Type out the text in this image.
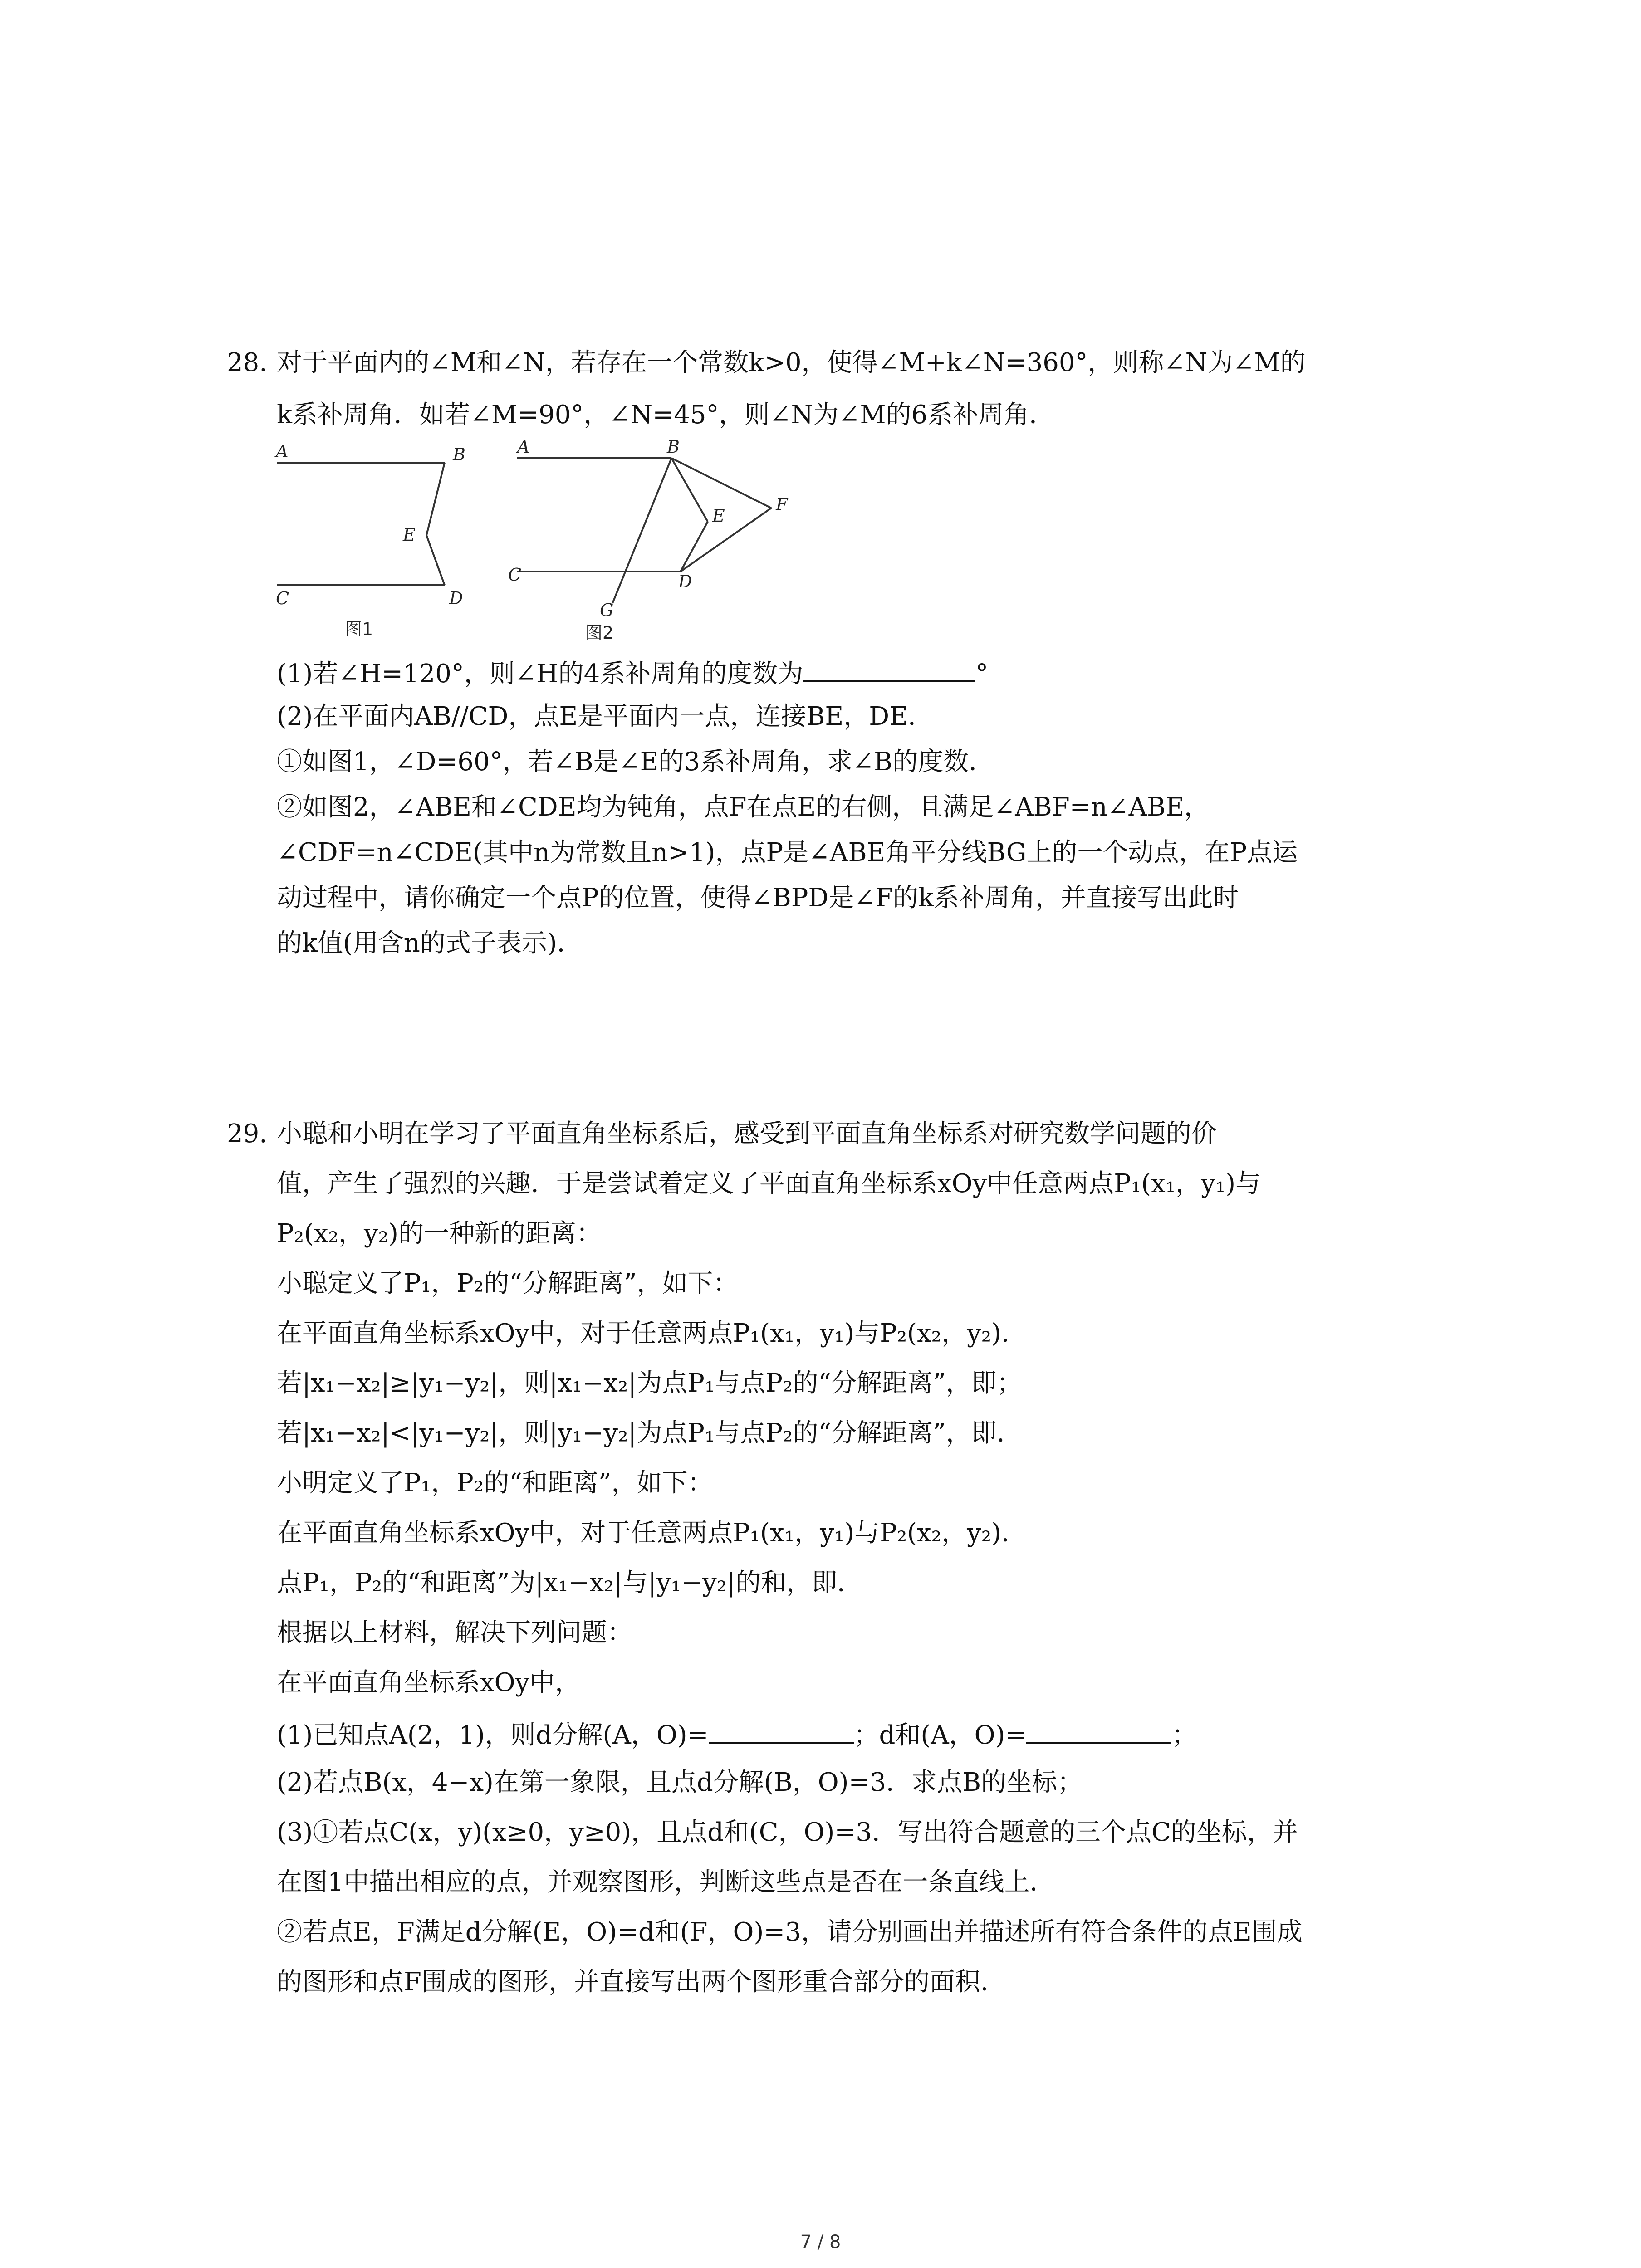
28. 对于平面内的∠M和∠N，若存在一个常数k>0，使得∠M+k∠N=360°，则称∠N为∠M的
k系补周角．如若∠M=90°，∠N=45°，则∠N为∠M的6系补周角．
A	B
E
C	D
图1
A	B
E
F
C	D
G
图2
(1)若∠H=120°，则∠H的4系补周角的度数为	°
(2)在平面内AB//CD，点E是平面内一点，连接BE，DE．
①如图1，∠D=60°，若∠B是∠E的3系补周角，求∠B的度数．
②如图2，∠ABE和∠CDE均为钝角，点F在点E的右侧，且满足∠ABF=n∠ABE，
∠CDF=n∠CDE(其中n为常数且n>1)，点P是∠ABE角平分线BG上的一个动点，在P点运
动过程中，请你确定一个点P的位置，使得∠BPD是∠F的k系补周角，并直接写出此时
的k值(用含n的式子表示)．
29. 小聪和小明在学习了平面直角坐标系后，感受到平面直角坐标系对研究数学问题的价
值，产生了强烈的兴趣．于是尝试着定义了平面直角坐标系xOy中任意两点P₁(x₁，y₁)与
P₂(x₂，y₂)的一种新的距离：
小聪定义了P₁，P₂的“分解距离”，如下：
在平面直角坐标系xOy中，对于任意两点P₁(x₁，y₁)与P₂(x₂，y₂)．
若|x₁−x₂|≥|y₁−y₂|，则|x₁−x₂|为点P₁与点P₂的“分解距离”，即；
若|x₁−x₂|<|y₁−y₂|，则|y₁−y₂|为点P₁与点P₂的“分解距离”，即．
小明定义了P₁，P₂的“和距离”，如下：
在平面直角坐标系xOy中，对于任意两点P₁(x₁，y₁)与P₂(x₂，y₂)．
点P₁，P₂的“和距离”为|x₁−x₂|与|y₁−y₂|的和，即．
根据以上材料，解决下列问题：
在平面直角坐标系xOy中，
(1)已知点A(2，1)，则d分解(A，O)=	；d和(A，O)=	；
(2)若点B(x，4−x)在第一象限，且点d分解(B，O)=3．求点B的坐标；
(3)①若点C(x，y)(x≥0，y≥0)，且点d和(C，O)=3．写出符合题意的三个点C的坐标，并
在图1中描出相应的点，并观察图形，判断这些点是否在一条直线上．
②若点E，F满足d分解(E，O)=d和(F，O)=3，请分别画出并描述所有符合条件的点E围成
的图形和点F围成的图形，并直接写出两个图形重合部分的面积．
7 / 8
